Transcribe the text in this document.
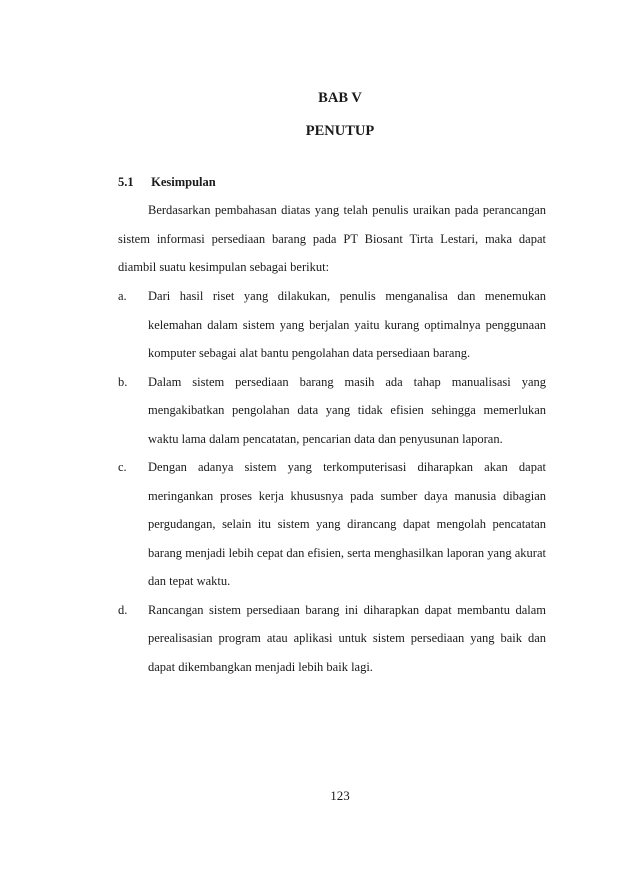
BAB V
PENUTUP
5.1 Kesimpulan

Berdasarkan pembahasan diatas yang telah penulis uraikan pada perancangan sistem informasi persediaan barang pada PT Biosant Tirta Lestari, maka dapat diambil suatu kesimpulan sebagai berikut:

a.	Dari hasil riset yang dilakukan, penulis menganalisa dan menemukan kelemahan dalam sistem yang berjalan yaitu kurang optimalnya penggunaan komputer sebagai alat bantu pengolahan data persediaan barang.
b.	Dalam sistem persediaan barang masih ada tahap manualisasi yang mengakibatkan pengolahan data yang tidak efisien sehingga memerlukan waktu lama dalam pencatatan, pencarian data dan penyusunan laporan.
c.	Dengan adanya sistem yang terkomputerisasi diharapkan akan dapat meringankan proses kerja khususnya pada sumber daya manusia dibagian pergudangan, selain itu sistem yang dirancang dapat mengolah pencatatan barang menjadi lebih cepat dan efisien, serta menghasilkan laporan yang akurat dan tepat waktu.
d.	Rancangan sistem persediaan barang ini diharapkan dapat membantu dalam perealisasian program atau aplikasi untuk sistem persediaan yang baik dan dapat dikembangkan menjadi lebih baik lagi.
123
